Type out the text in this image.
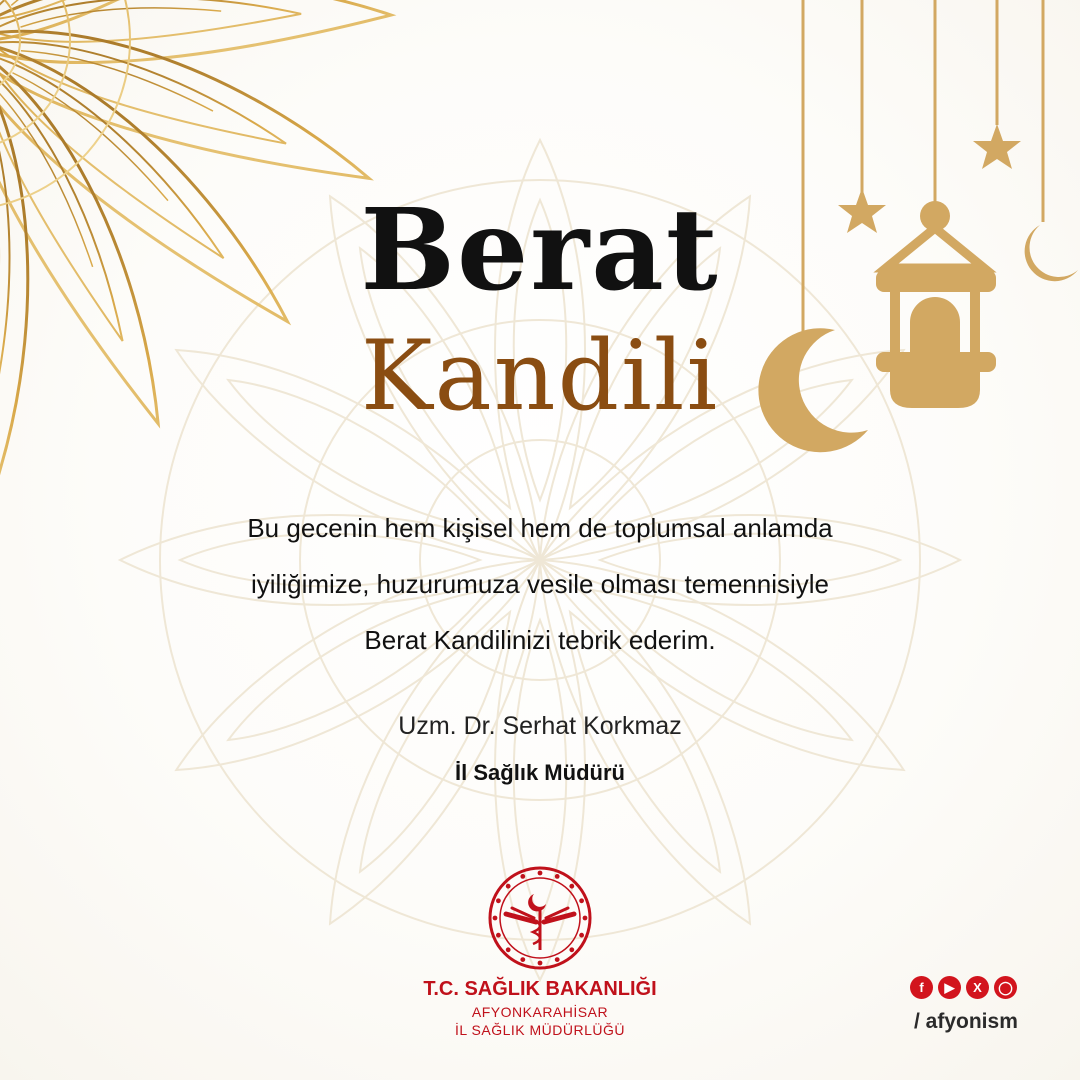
Berat
Kandili
Bu gecenin hem kişisel hem de toplumsal anlamda
iyiliğimize, huzurumuza vesile olması temennisiyle
Berat Kandilinizi tebrik ederim.
Uzm. Dr. Serhat Korkmaz
İl Sağlık Müdürü
T.C. SAĞLIK BAKANLIĞI
AFYONKARAHİSAR
İL SAĞLIK MÜDÜRLÜĞÜ
f	▶	X	◯
/ afyonism
